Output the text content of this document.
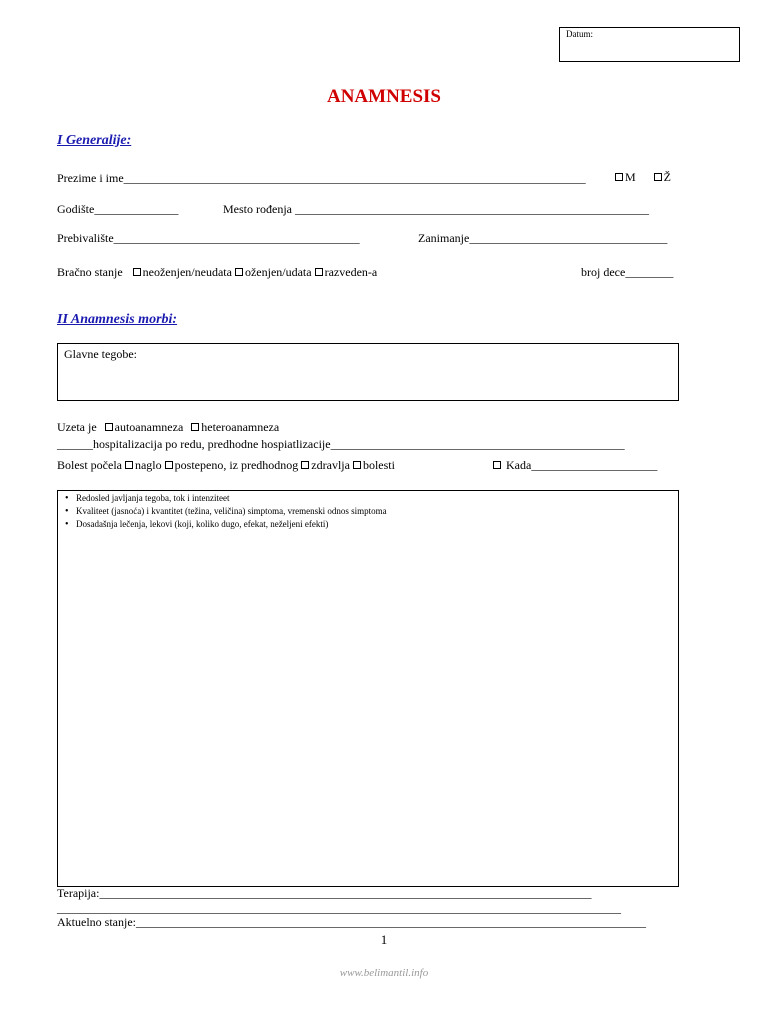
Datum:
ANAMNESIS
I Generalije:
Prezime i ime_____________________________________________________________________________	M Ž
Godište______________	Mesto rođenja ___________________________________________________________
Prebivalište_________________________________________	Zanimanje_________________________________
Bračno stanje neoženjen/neudata oženjen/udata razveden-a	broj dece________
II Anamnesis morbi:
Glavne tegobe:
Uzeta je autoanamneza heteroanamneza
______hospitalizacija po redu, predhodne hospiatlizacije_________________________________________________
Bolest počela naglo postepeno, iz predhodnog zdravlja bolesti	Kada_____________________
• Redosled javljanja tegoba, tok i intenziteet
• Kvaliteet (jasnoća) i kvantitet (težina, veličina) simptoma, vremenski odnos simptoma
• Dosadašnja lečenja, lekovi (koji, koliko dugo, efekat, neželjeni efekti)
Terapija:__________________________________________________________________________________
______________________________________________________________________________________________
Aktuelno stanje:_____________________________________________________________________________________
1
www.belimantil.info
